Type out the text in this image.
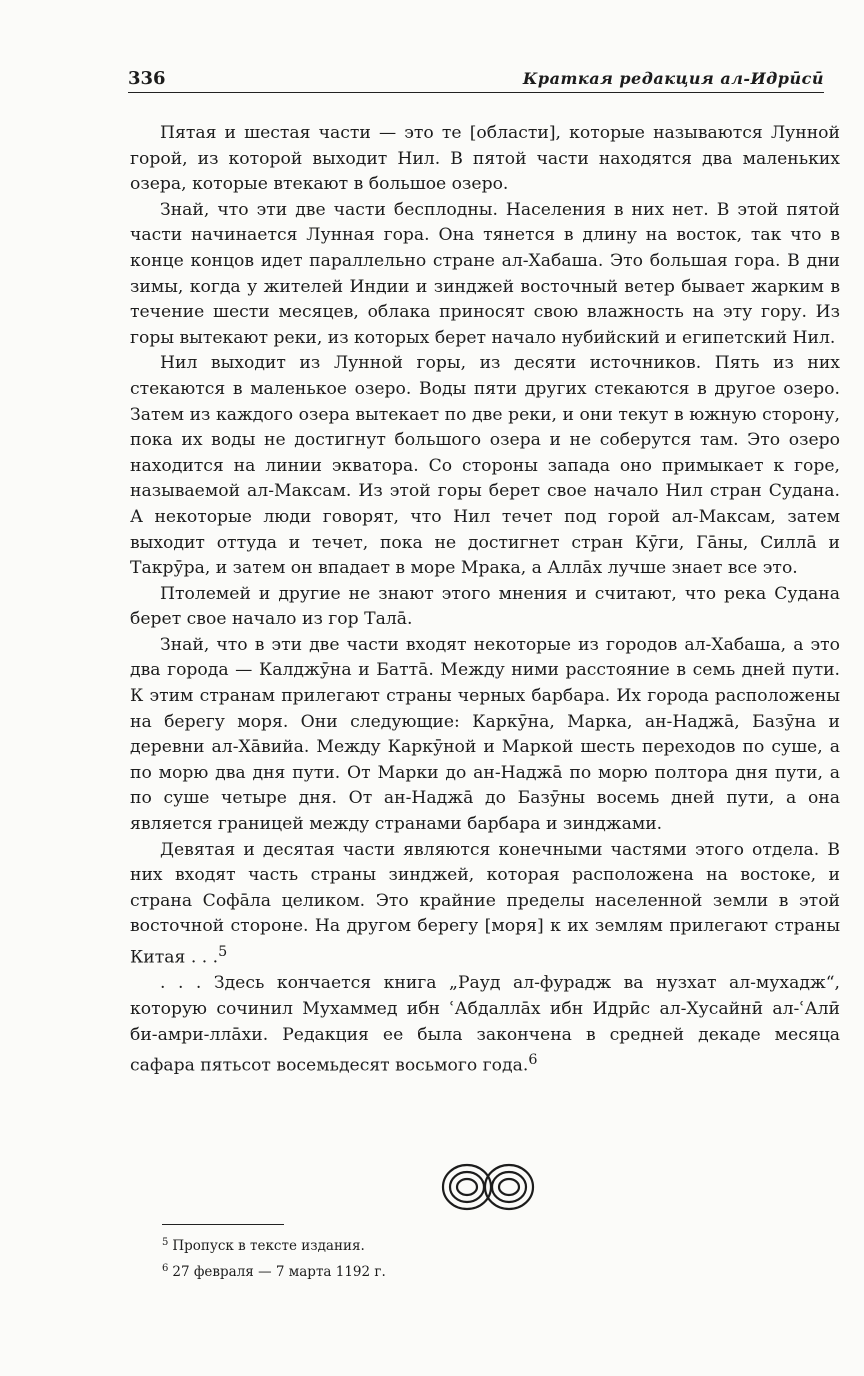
336	Краткая редакция ал-Идрӣсӣ

Пятая и шестая части — это те [области], которые называются Лунной горой, из которой выходит Нил. В пятой части находятся два маленьких озера, которые втекают в большое озеро.

Знай, что эти две части бесплодны. Населения в них нет. В этой пятой части начинается Лунная гора. Она тянется в длину на восток, так что в конце концов идет параллельно стране ал-Хабаша. Это большая гора. В дни зимы, когда у жителей Индии и зинджей восточный ветер бывает жарким в течение шести месяцев, облака приносят свою влажность на эту гору. Из горы вытекают реки, из которых берет начало нубийский и египетский Нил.

Нил выходит из Лунной горы, из десяти источников. Пять из них стекаются в маленькое озеро. Воды пяти других стекаются в другое озеро. Затем из каждого озера вытекает по две реки, и они текут в южную сторону, пока их воды не достигнут большого озера и не соберутся там. Это озеро находится на линии экватора. Со стороны запада оно примыкает к горе, называемой ал-Максам. Из этой горы берет свое начало Нил стран Судана. А некоторые люди говорят, что Нил течет под горой ал-Максам, затем выходит оттуда и течет, пока не достигнет стран Кӯги, Гāны, Силлā и Такрӯра, и затем он впадает в море Мрака, а Аллāх лучше знает все это.

Птолемей и другие не знают этого мнения и считают, что река Судана берет свое начало из гор Талā.

Знай, что в эти две части входят некоторые из городов ал-Хабаша, а это два города — Калджӯна и Баттā. Между ними расстояние в семь дней пути. К этим странам прилегают страны черных барбара. Их города расположены на берегу моря. Они следующие: Каркӯна, Марка, ан-Наджā, Базӯна и деревни ал-Хāвийа. Между Каркӯной и Маркой шесть переходов по суше, а по морю два дня пути. От Марки до ан-Наджā по морю полтора дня пути, а по суше четыре дня. От ан-Наджā до Базӯны восемь дней пути, а она является границей между странами барбара и зинджами.

Девятая и десятая части являются конечными частями этого отдела. В них входят часть страны зинджей, которая расположена на востоке, и страна Софāла целиком. Это крайние пределы населенной земли в этой восточной стороне. На другом берегу [моря] к их землям прилегают страны Китая . . .$^5$

. . . Здесь кончается книга „Рауд ал-фурадж ва нузхат ал-мухадж“, которую сочинил Мухаммед ибн ʿАбдаллāх ибн Идрӣс ал-Хусайнӣ ал-ʿАлӣ би-амри-ллāхи. Редакция ее была закончена в средней декаде месяца сафара пятьсот восемьдесят восьмого года.$^6$

$^5$ Пропуск в тексте издания.

$^6$ 27 февраля — 7 марта 1192 г.
